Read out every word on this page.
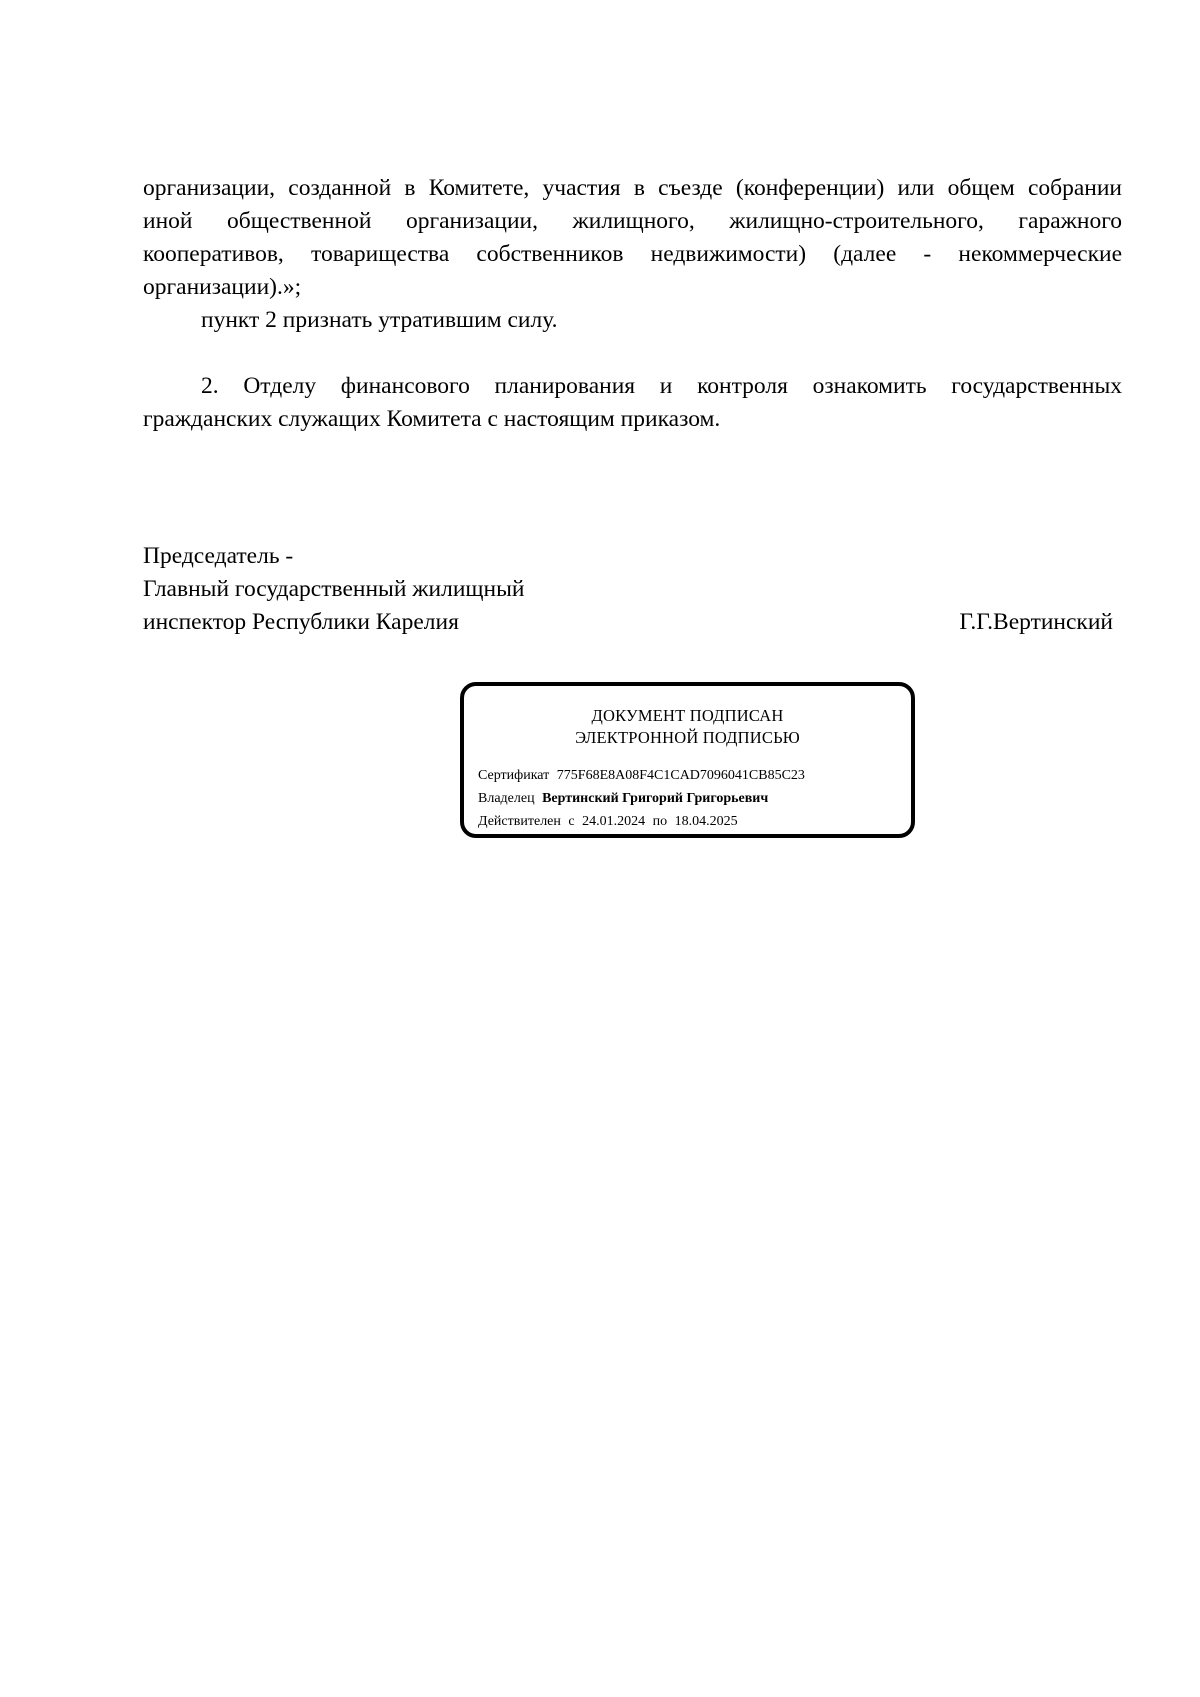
организации, созданной в Комитете, участия в съезде (конференции) или общем собрании
иной общественной организации, жилищного, жилищно-строительного, гаражного
кооперативов, товарищества собственников недвижимости) (далее - некоммерческие
организации).»;

пункт 2 признать утратившим силу.

2. Отделу финансового планирования и контроля ознакомить государственных
гражданских служащих Комитета с настоящим приказом.
Председатель -
Главный государственный жилищный
инспектор Республики Карелия	Г.Г.Вертинский
ДОКУМЕНТ ПОДПИСАН
ЭЛЕКТРОННОЙ ПОДПИСЬЮ
Сертификат 775F68E8A08F4C1CAD7096041CB85C23
Владелец Вертинский Григорий Григорьевич
Действителен с 24.01.2024 по 18.04.2025
